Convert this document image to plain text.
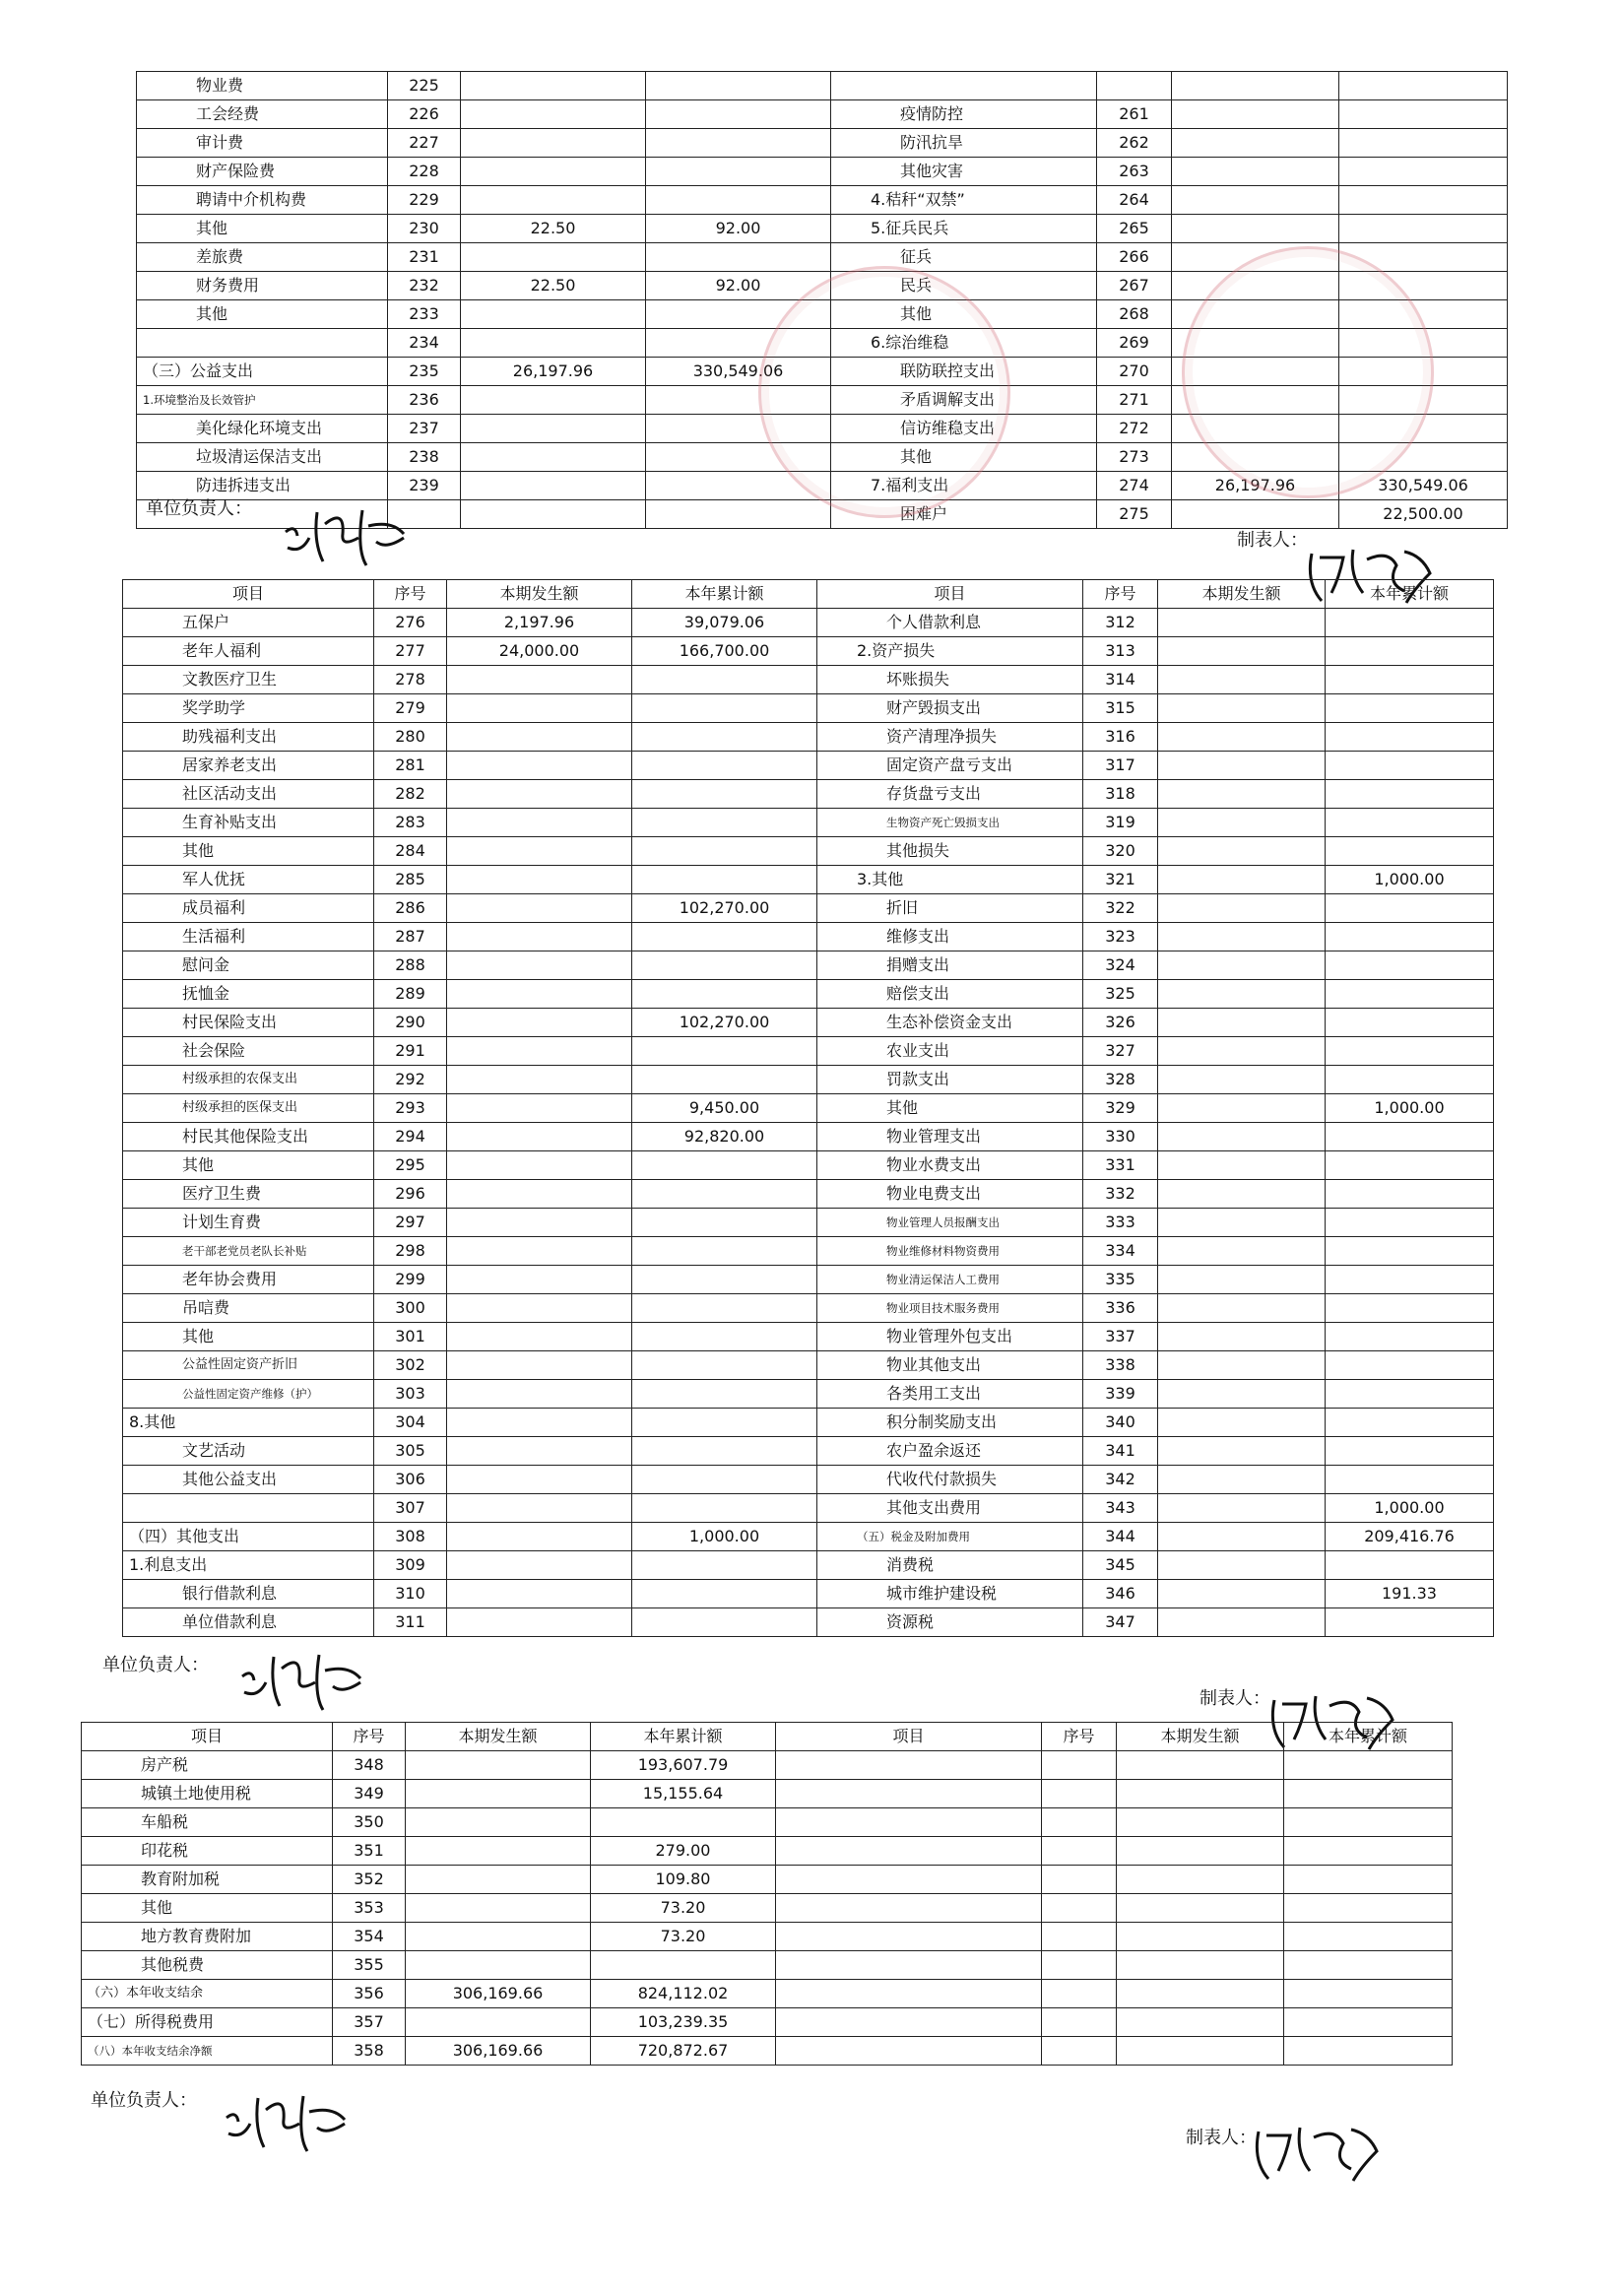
物业费	225						
工会经费	226			疫情防控	261		
审计费	227			防汛抗旱	262		
财产保险费	228			其他灾害	263		
聘请中介机构费	229			4.秸秆“双禁”	264		
其他	230	22.50	92.00	5.征兵民兵	265		
差旅费	231			征兵	266		
财务费用	232	22.50	92.00	民兵	267		
其他	233			其他	268		
	234			6.综治维稳	269		
（三）公益支出	235	26,197.96	330,549.06	联防联控支出	270		
1.环境整治及长效管护	236			矛盾调解支出	271		
美化绿化环境支出	237			信访维稳支出	272		
垃圾清运保洁支出	238			其他	273		
防违拆违支出	239			7.福利支出	274	26,197.96	330,549.06
				困难户	275		22,500.00
单位负责人：
制表人：
项目	序号	本期发生额	本年累计额	项目	序号	本期发生额	本年累计额
五保户	276	2,197.96	39,079.06	个人借款利息	312		
老年人福利	277	24,000.00	166,700.00	2.资产损失	313		
文教医疗卫生	278			坏账损失	314		
奖学助学	279			财产毁损支出	315		
助残福利支出	280			资产清理净损失	316		
居家养老支出	281			固定资产盘亏支出	317		
社区活动支出	282			存货盘亏支出	318		
生育补贴支出	283			生物资产死亡毁损支出	319		
其他	284			其他损失	320		
军人优抚	285			3.其他	321		1,000.00
成员福利	286		102,270.00	折旧	322		
生活福利	287			维修支出	323		
慰问金	288			捐赠支出	324		
抚恤金	289			赔偿支出	325		
村民保险支出	290		102,270.00	生态补偿资金支出	326		
社会保险	291			农业支出	327		
村级承担的农保支出	292			罚款支出	328		
村级承担的医保支出	293		9,450.00	其他	329		1,000.00
村民其他保险支出	294		92,820.00	物业管理支出	330		
其他	295			物业水费支出	331		
医疗卫生费	296			物业电费支出	332		
计划生育费	297			物业管理人员报酬支出	333		
老干部老党员老队长补贴	298			物业维修材料物资费用	334		
老年协会费用	299			物业清运保洁人工费用	335		
吊唁费	300			物业项目技术服务费用	336		
其他	301			物业管理外包支出	337		
公益性固定资产折旧	302			物业其他支出	338		
公益性固定资产维修（护）	303			各类用工支出	339		
8.其他	304			积分制奖励支出	340		
文艺活动	305			农户盈余返还	341		
其他公益支出	306			代收代付款损失	342		
	307			其他支出费用	343		1,000.00
（四）其他支出	308		1,000.00	（五）税金及附加费用	344		209,416.76
1.利息支出	309			消费税	345		
银行借款利息	310			城市维护建设税	346		191.33
单位借款利息	311			资源税	347		
单位负责人：
制表人：
项目	序号	本期发生额	本年累计额	项目	序号	本期发生额	本年累计额
房产税	348		193,607.79				
城镇土地使用税	349		15,155.64				
车船税	350						
印花税	351		279.00				
教育附加税	352		109.80				
其他	353		73.20				
地方教育费附加	354		73.20				
其他税费	355						
（六）本年收支结余	356	306,169.66	824,112.02				
（七）所得税费用	357		103,239.35				
（八）本年收支结余净额	358	306,169.66	720,872.67				
单位负责人：
制表人：
